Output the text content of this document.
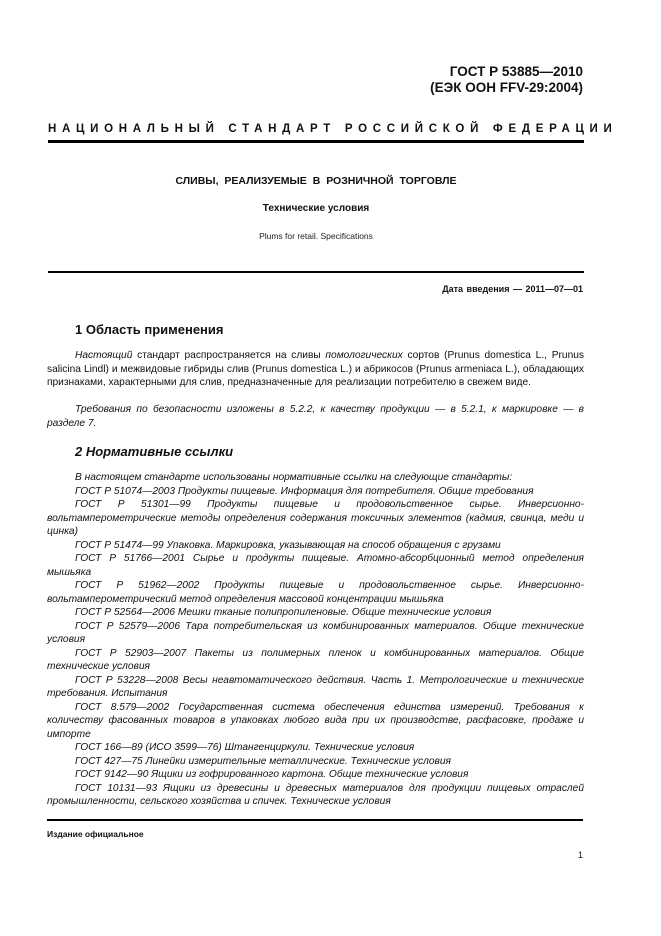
ГОСТ Р 53885—2010
(ЕЭК ООН FFV-29:2004)
НАЦИОНАЛЬНЫЙ СТАНДАРТ РОССИЙСКОЙ ФЕДЕРАЦИИ
СЛИВЫ, РЕАЛИЗУЕМЫЕ В РОЗНИЧНОЙ ТОРГОВЛЕ
Технические условия
Plums for retail. Specifications
Дата введения — 2011—07—01
1 Область применения
Настоящий стандарт распространяется на сливы помологических сортов (Prunus domestica L., Prunus salicina Lindl) и межвидовые гибриды слив (Prunus domestica L.) и абрикосов (Prunus armeniaca L.), обладающих признаками, характерными для слив, предназначенные для реализации потребителю в свежем виде.
Требования по безопасности изложены в 5.2.2, к качеству продукции — в 5.2.1, к маркировке — в разделе 7.
2 Нормативные ссылки
В настоящем стандарте использованы нормативные ссылки на следующие стандарты:
ГОСТ Р 51074—2003 Продукты пищевые. Информация для потребителя. Общие требования
ГОСТ Р 51301—99 Продукты пищевые и продовольственное сырье. Инверсионно-вольтамперометрические методы определения содержания токсичных элементов (кадмия, свинца, меди и цинка)
ГОСТ Р 51474—99 Упаковка. Маркировка, указывающая на способ обращения с грузами
ГОСТ Р 51766—2001 Сырье и продукты пищевые. Атомно-абсорбционный метод определения мышьяка
ГОСТ Р 51962—2002 Продукты пищевые и продовольственное сырье. Инверсионно-вольтамперометрический метод определения массовой концентрации мышьяка
ГОСТ Р 52564—2006 Мешки тканые полипропиленовые. Общие технические условия
ГОСТ Р 52579—2006 Тара потребительская из комбинированных материалов. Общие технические условия
ГОСТ Р 52903—2007 Пакеты из полимерных пленок и комбинированных материалов. Общие технические условия
ГОСТ Р 53228—2008 Весы неавтоматического действия. Часть 1. Метрологические и технические требования. Испытания
ГОСТ 8.579—2002 Государственная система обеспечения единства измерений. Требования к количеству фасованных товаров в упаковках любого вида при их производстве, расфасовке, продаже и импорте
ГОСТ 166—89 (ИСО 3599—76) Штангенциркули. Технические условия
ГОСТ 427—75 Линейки измерительные металлические. Технические условия
ГОСТ 9142—90 Ящики из гофрированного картона. Общие технические условия
ГОСТ 10131—93 Ящики из древесины и древесных материалов для продукции пищевых отраслей промышленности, сельского хозяйства и спичек. Технические условия
Издание официальное
1
